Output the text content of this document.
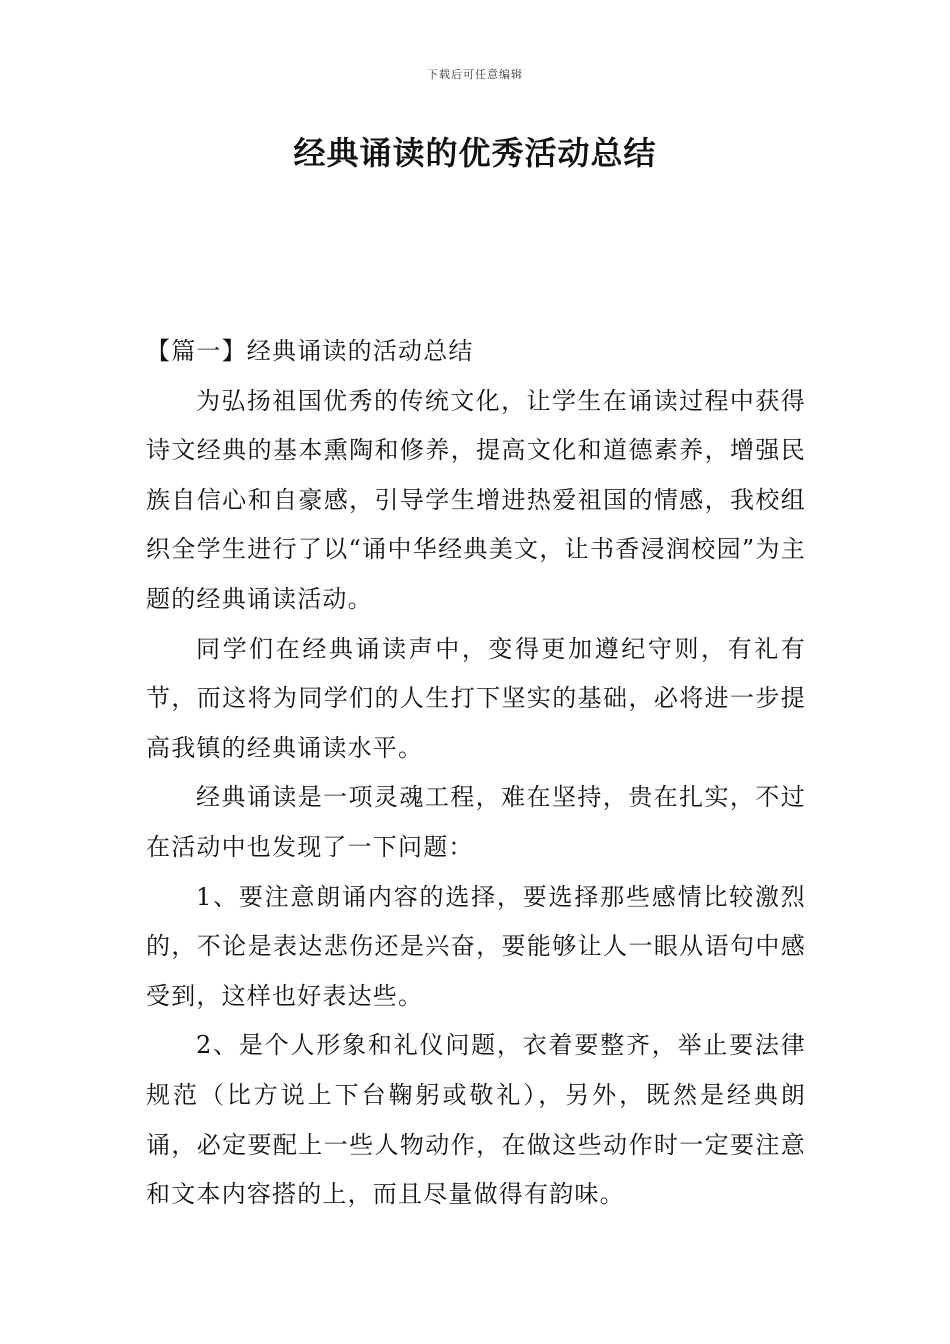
下载后可任意编辑
经典诵读的优秀活动总结

【篇一】经典诵读的活动总结

为弘扬祖国优秀的传统文化，让学生在诵读过程中获得诗文经典的基本熏陶和修养，提高文化和道德素养，增强民族自信心和自豪感，引导学生增进热爱祖国的情感，我校组织全学生进行了以“诵中华经典美文，让书香浸润校园”为主题的经典诵读活动。

同学们在经典诵读声中，变得更加遵纪守则，有礼有节，而这将为同学们的人生打下坚实的基础，必将进一步提高我镇的经典诵读水平。

经典诵读是一项灵魂工程，难在坚持，贵在扎实，不过在活动中也发现了一下问题：

1、要注意朗诵内容的选择，要选择那些感情比较激烈的，不论是表达悲伤还是兴奋，要能够让人一眼从语句中感受到，这样也好表达些。

2、是个人形象和礼仪问题，衣着要整齐，举止要法律规范（比方说上下台鞠躬或敬礼），另外，既然是经典朗诵，必定要配上一些人物动作，在做这些动作时一定要注意和文本内容搭的上，而且尽量做得有韵味。
